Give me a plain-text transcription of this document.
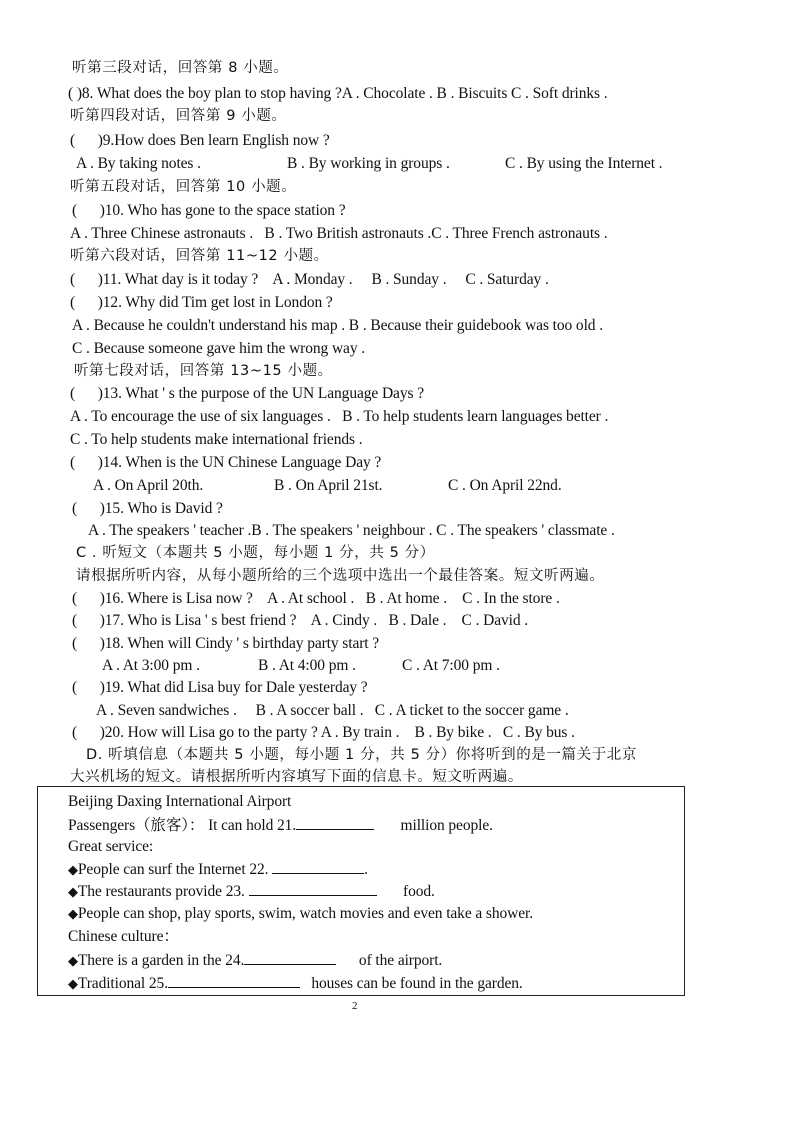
听第三段对话，回答第 8 小题。
( )8. What does the boy plan to stop having ?A . Chocolate . B . Biscuits C . Soft drinks .
听第四段对话，回答第 9 小题。
(      )9.How does Ben learn English now ?
A . By taking notes .	B . By working in groups .	C . By using the Internet .
听第五段对话，回答第 10 小题。
(      )10. Who has gone to the space station ?
A . Three Chinese astronauts .   B . Two British astronauts .C . Three French astronauts .
听第六段对话，回答第 11~12 小题。
(      )11. What day is it today ?    A . Monday .     B . Sunday .     C . Saturday .
(      )12. Why did Tim get lost in London ?
A . Because he couldn't understand his map . B . Because their guidebook was too old .
C . Because someone gave him the wrong way .
听第七段对话，回答第 13~15 小题。
(      )13. What ' s the purpose of the UN Language Days ?
A . To encourage the use of six languages .   B . To help students learn languages better .
C . To help students make international friends .
(      )14. When is the UN Chinese Language Day ?
A . On April 20th.	B . On April 21st.	C . On April 22nd.
(      )15. Who is David ?
A . The speakers ' teacher .B . The speakers ' neighbour . C . The speakers ' classmate .
C . 听短文（本题共 5 小题，每小题 1 分，共 5 分）
请根据所听内容，从每小题所给的三个选项中选出一个最佳答案。短文听两遍。
(      )16. Where is Lisa now ?    A . At school .   B . At home .    C . In the store .
(      )17. Who is Lisa ' s best friend ?    A . Cindy .   B . Dale .    C . David .
(      )18. When will Cindy ' s birthday party start ?
A . At 3:00 pm .	B . At 4:00 pm .	C . At 7:00 pm .
(      )19. What did Lisa buy for Dale yesterday ?
A . Seven sandwiches .     B . A soccer ball .   C . A ticket to the soccer game .
(      )20. How will Lisa go to the party ? A . By train .    B . By bike .   C . By bus .
D. 听填信息（本题共 5 小题，每小题 1 分，共 5 分）你将听到的是一篇关于北京
大兴机场的短文。请根据所听内容填写下面的信息卡。短文听两遍。
Beijing Daxing International Airport
Passengers（旅客）： It can hold 21.	million people.
Great service:
◆People can surf the Internet 22.	.
◆The restaurants provide 23.	food.
◆People can shop, play sports, swim, watch movies and even take a shower.
Chinese culture：
◆There is a garden in the 24.	of the airport.
◆Traditional 25.	houses can be found in the garden.
2
